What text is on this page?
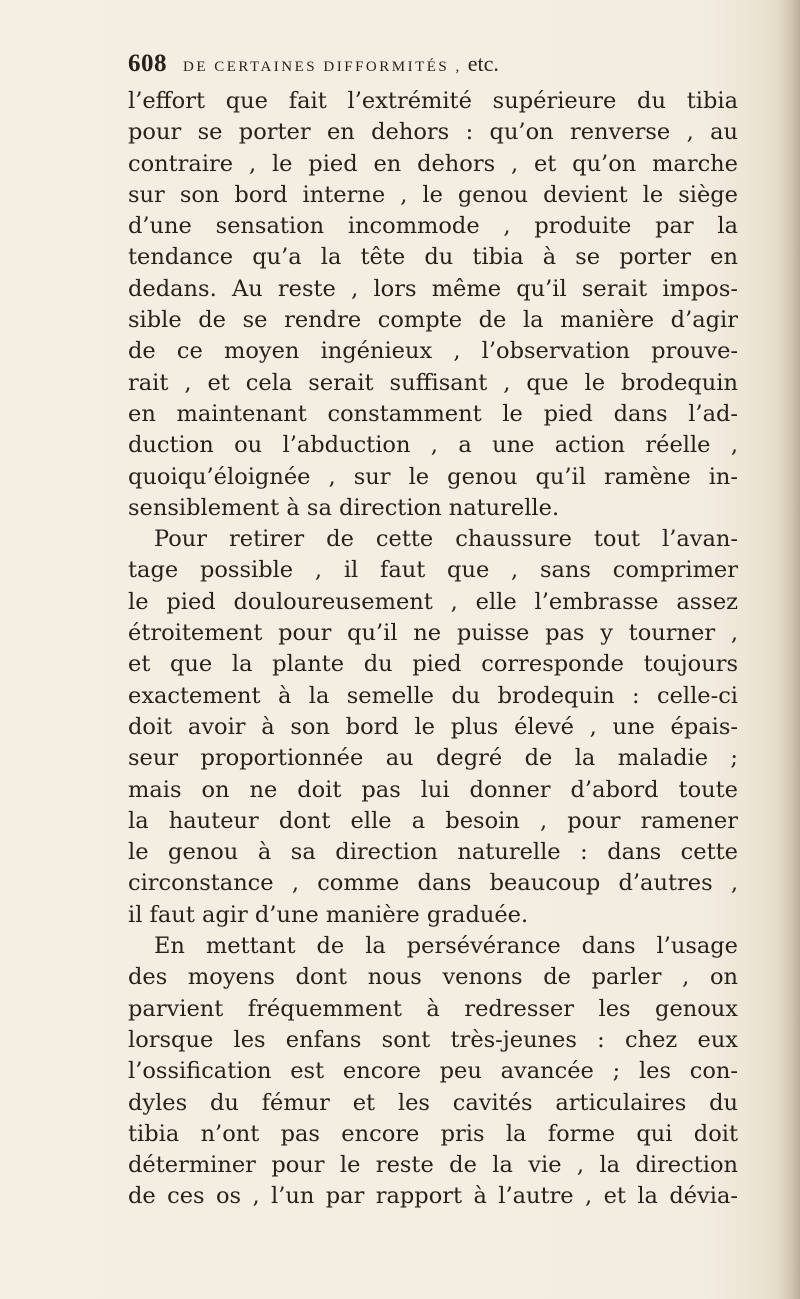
608 DE CERTAINES DIFFORMITÉS , etc.
l’effort que fait l’extrémité supérieure du tibia
pour se porter en dehors : qu’on renverse , au
contraire , le pied en dehors , et qu’on marche
sur son bord interne , le genou devient le siège
d’une sensation incommode , produite par la
tendance qu’a la tête du tibia à se porter en
dedans. Au reste , lors même qu’il serait impos-
sible de se rendre compte de la manière d’agir
de ce moyen ingénieux , l’observation prouve-
rait , et cela serait suffisant , que le brodequin
en maintenant constamment le pied dans l’ad-
duction ou l’abduction , a une action réelle ,
quoiqu’éloignée , sur le genou qu’il ramène in-
sensiblement à sa direction naturelle.
Pour retirer de cette chaussure tout l’avan-
tage possible , il faut que , sans comprimer
le pied douloureusement , elle l’embrasse assez
étroitement pour qu’il ne puisse pas y tourner ,
et que la plante du pied corresponde toujours
exactement à la semelle du brodequin : celle-ci
doit avoir à son bord le plus élevé , une épais-
seur proportionnée au degré de la maladie ;
mais on ne doit pas lui donner d’abord toute
la hauteur dont elle a besoin , pour ramener
le genou à sa direction naturelle : dans cette
circonstance , comme dans beaucoup d’autres ,
il faut agir d’une manière graduée.
En mettant de la persévérance dans l’usage
des moyens dont nous venons de parler , on
parvient fréquemment à redresser les genoux
lorsque les enfans sont très-jeunes : chez eux
l’ossification est encore peu avancée ; les con-
dyles du fémur et les cavités articulaires du
tibia n’ont pas encore pris la forme qui doit
déterminer pour le reste de la vie , la direction
de ces os , l’un par rapport à l’autre , et la dévia-
